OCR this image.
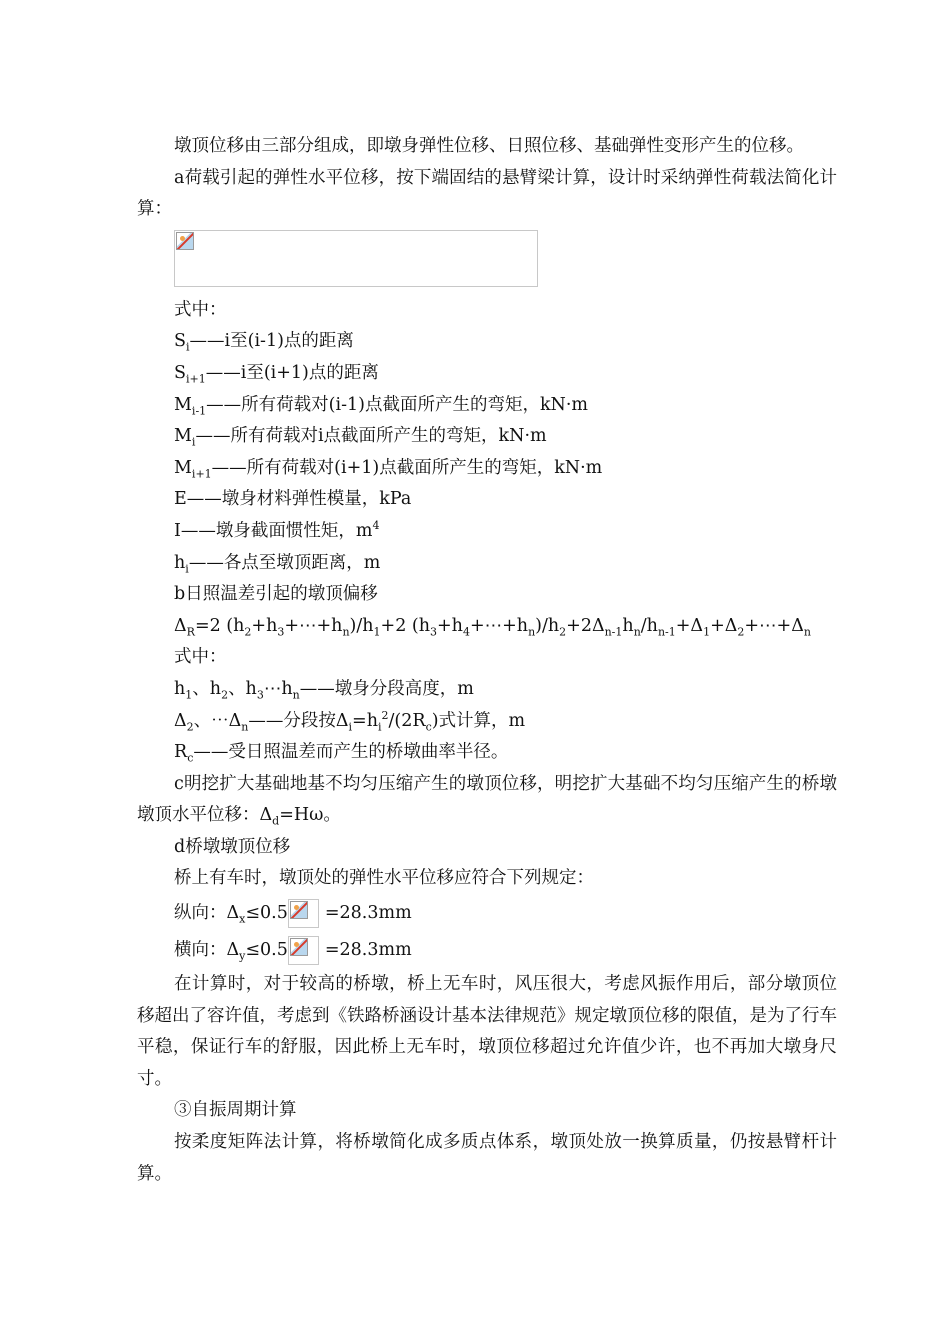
墩顶位移由三部分组成，即墩身弹性位移、日照位移、基础弹性变形产生的位移。

a荷载引起的弹性水平位移，按下端固结的悬臂梁计算，设计时采纳弹性荷载法简化计算：

式中：

$S_i——i$至(i-1)点的距离

$S_{i+1}——i$至(i+1)点的距离

$M_{i-1}——$所有荷载对(i-1)点截面所产生的弯矩，kN·m

$M_i——$所有荷载对i点截面所产生的弯矩，kN·m

$M_{i+1}——$所有荷载对(i+1)点截面所产生的弯矩，kN·m

E——墩身材料弹性模量，kPa

I——墩身截面惯性矩，$m^4$

$h_i——$各点至墩顶距离，m

b日照温差引起的墩顶偏移

$\Delta_R=2$ $(h_2+h_3+\cdots+h_n)/h_1+2$ $(h_3+h_4+\cdots+h_n)/h_2+2\Delta_{n-1}h_n/h_{n-1}+\Delta_1+\Delta_2+\cdots+\Delta_n$

式中：

$h_1$、$h_2$、$h_3\cdots h_n——$墩身分段高度，m

$\Delta_2$、$\cdots\Delta_n——$分段按$\Delta_i=h_i^2/(2R_c)$式计算，m

$R_c——$受日照温差而产生的桥墩曲率半径。

c明挖扩大基础地基不均匀压缩产生的墩顶位移，明挖扩大基础不均匀压缩产生的桥墩墩顶水平位移：$\Delta_d=H\omega$。

d桥墩墩顶位移

桥上有车时，墩顶处的弹性水平位移应符合下列规定：

纵向：$\Delta_x\le 0.5 =28.3mm$

横向：$\Delta_y\le 0.5 =28.3mm$

在计算时，对于较高的桥墩，桥上无车时，风压很大，考虑风振作用后，部分墩顶位移超出了容许值，考虑到《铁路桥涵设计基本法律规范》规定墩顶位移的限值，是为了行车平稳，保证行车的舒服，因此桥上无车时，墩顶位移超过允许值少许，也不再加大墩身尺寸。

③自振周期计算

按柔度矩阵法计算，将桥墩简化成多质点体系，墩顶处放一换算质量，仍按悬臂杆计算。
